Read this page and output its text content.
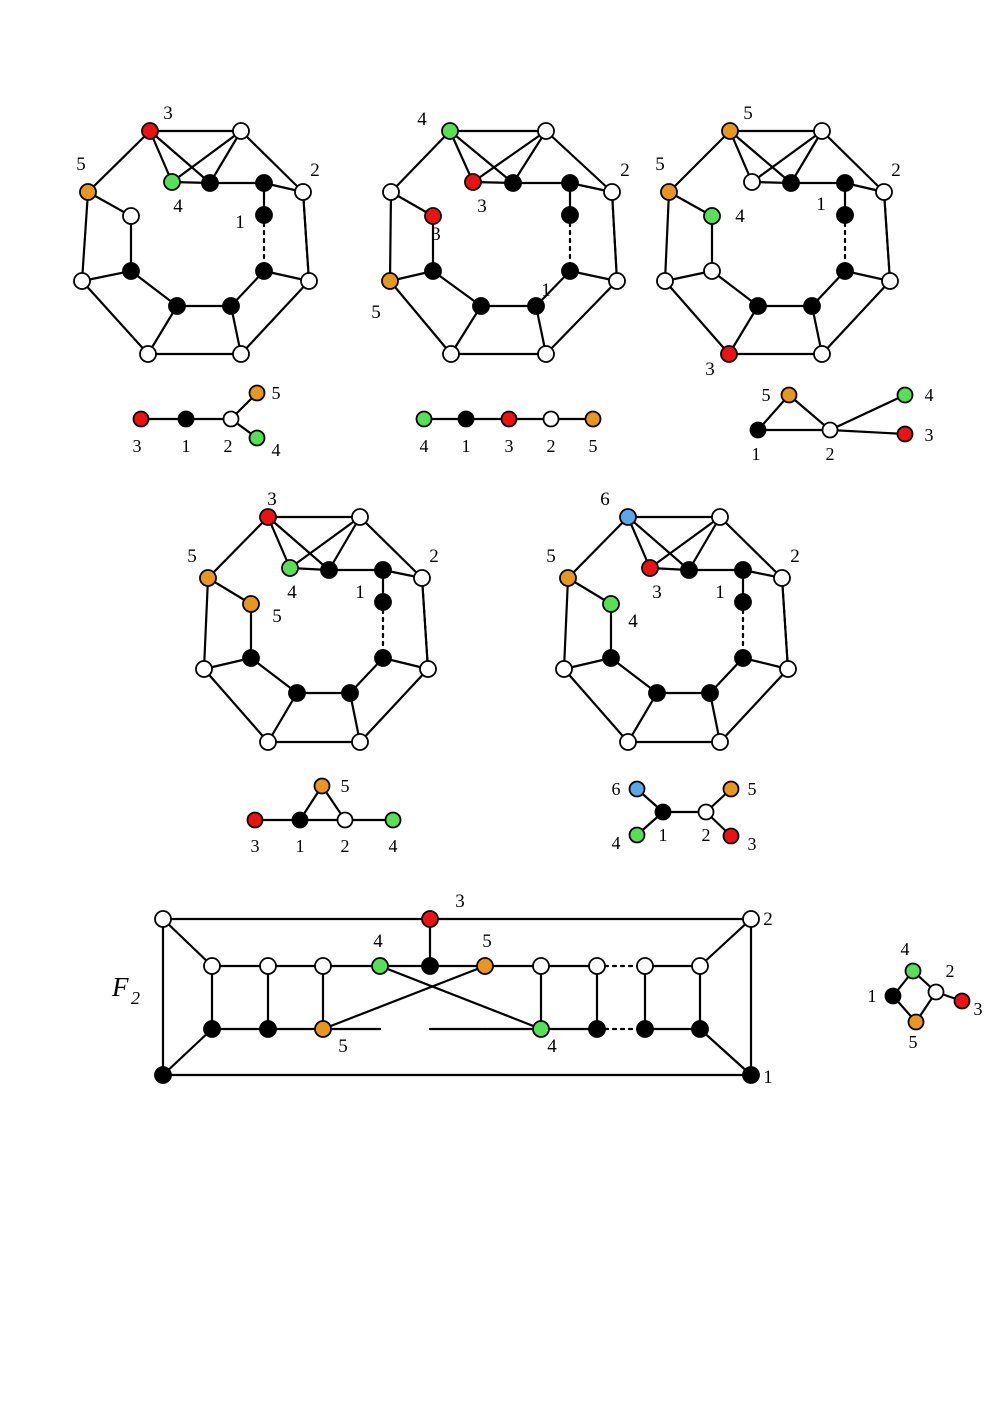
3
5
4
1
2
4
3
3
5
1
2
5
5
4
1
2
3
5
3 1 2 4	4 1 3 2 5
5	4
3
1	2
3
5
4
5
1
2
6
5
3
4
1
2
5
3 1 2 4
6	5
4 1 2 3
3
2
4	5
5	4
1
F 2
4
2
1
3
5
